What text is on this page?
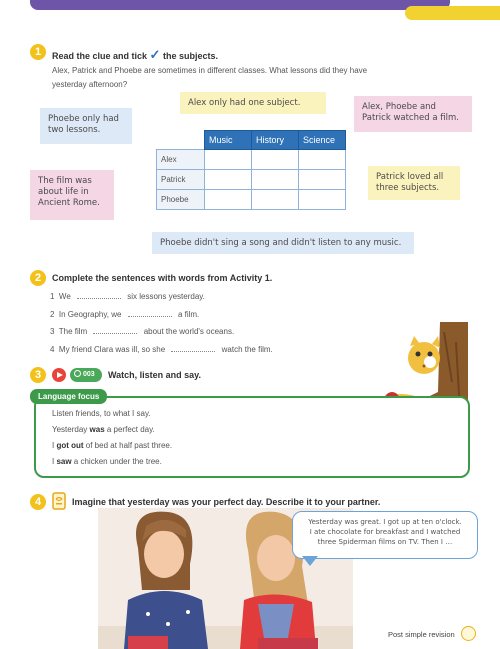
1	Read the clue and tick ✓ the subjects.
Alex, Patrick and Phoebe are sometimes in different classes. What lessons did they have
yesterday afternoon?
Alex only had one subject.
Phoebe only had two lessons.
Alex, Phoebe and Patrick watched a film.
The film was about life in Ancient Rome.
Patrick loved all three subjects.
Phoebe didn't sing a song and didn't listen to any music.
	Music	History	Science
Alex			
Patrick			
Phoebe			
2	Complete the sentences with words from Activity 1.
1 We	six lessons yesterday.
2 In Geography, we	a film.
3 The film	about the world's oceans.
4 My friend Clara was ill, so she	watch the film.
3	003	Watch, listen and say.
Language focus
Listen friends, to what I say.
Yesterday was a perfect day.
I got out of bed at half past three.
I saw a chicken under the tree.
4	Imagine that yesterday was your perfect day. Describe it to your partner.
Yesterday was great. I got up at ten o'clock.
I ate chocolate for breakfast and I watched
three Spiderman films on TV. Then I …
Post simple revision
